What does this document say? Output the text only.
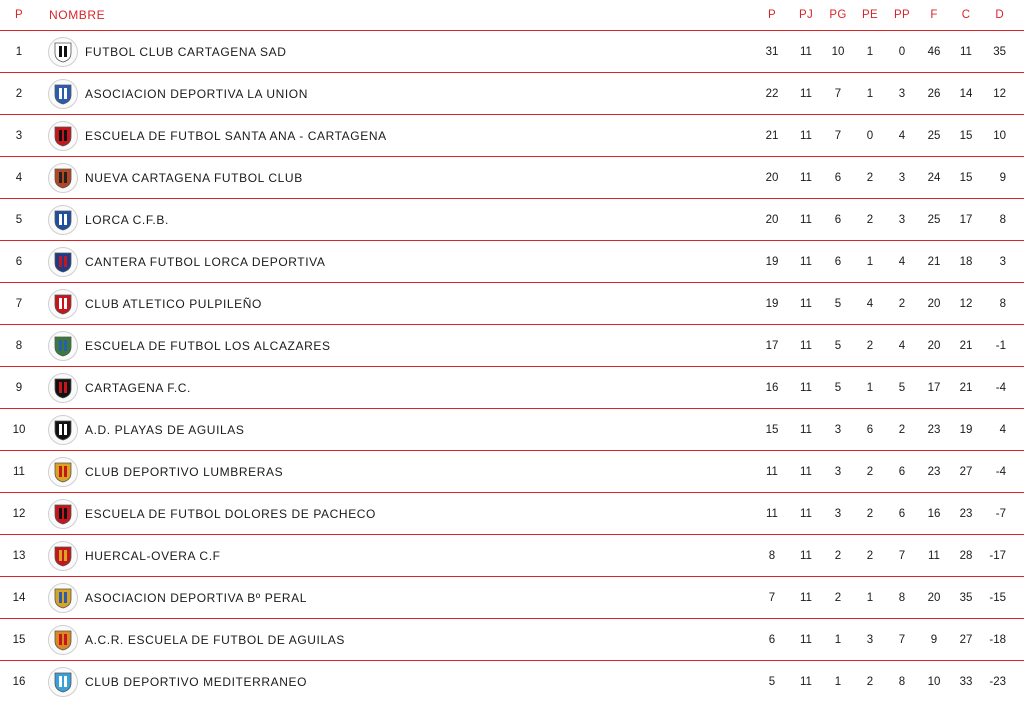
P	NOMBRE	P	PJ	PG	PE	PP	F	C	D
1	FUTBOL CLUB CARTAGENA SAD	31	11	10	1	0	46	11	35
2	ASOCIACION DEPORTIVA LA UNION	22	11	7	1	3	26	14	12
3	ESCUELA DE FUTBOL SANTA ANA - CARTAGENA	21	11	7	0	4	25	15	10
4	NUEVA CARTAGENA FUTBOL CLUB	20	11	6	2	3	24	15	9
5	LORCA C.F.B.	20	11	6	2	3	25	17	8
6	CANTERA FUTBOL LORCA DEPORTIVA	19	11	6	1	4	21	18	3
7	CLUB ATLETICO PULPILEÑO	19	11	5	4	2	20	12	8
8	ESCUELA DE FUTBOL LOS ALCAZARES	17	11	5	2	4	20	21	-1
9	CARTAGENA F.C.	16	11	5	1	5	17	21	-4
10	A.D. PLAYAS DE AGUILAS	15	11	3	6	2	23	19	4
11	CLUB DEPORTIVO LUMBRERAS	11	11	3	2	6	23	27	-4
12	ESCUELA DE FUTBOL DOLORES DE PACHECO	11	11	3	2	6	16	23	-7
13	HUERCAL-OVERA C.F	8	11	2	2	7	11	28	-17
14	ASOCIACION DEPORTIVA Bº PERAL	7	11	2	1	8	20	35	-15
15	A.C.R. ESCUELA DE FUTBOL DE AGUILAS	6	11	1	3	7	9	27	-18
16	CLUB DEPORTIVO MEDITERRANEO	5	11	1	2	8	10	33	-23
